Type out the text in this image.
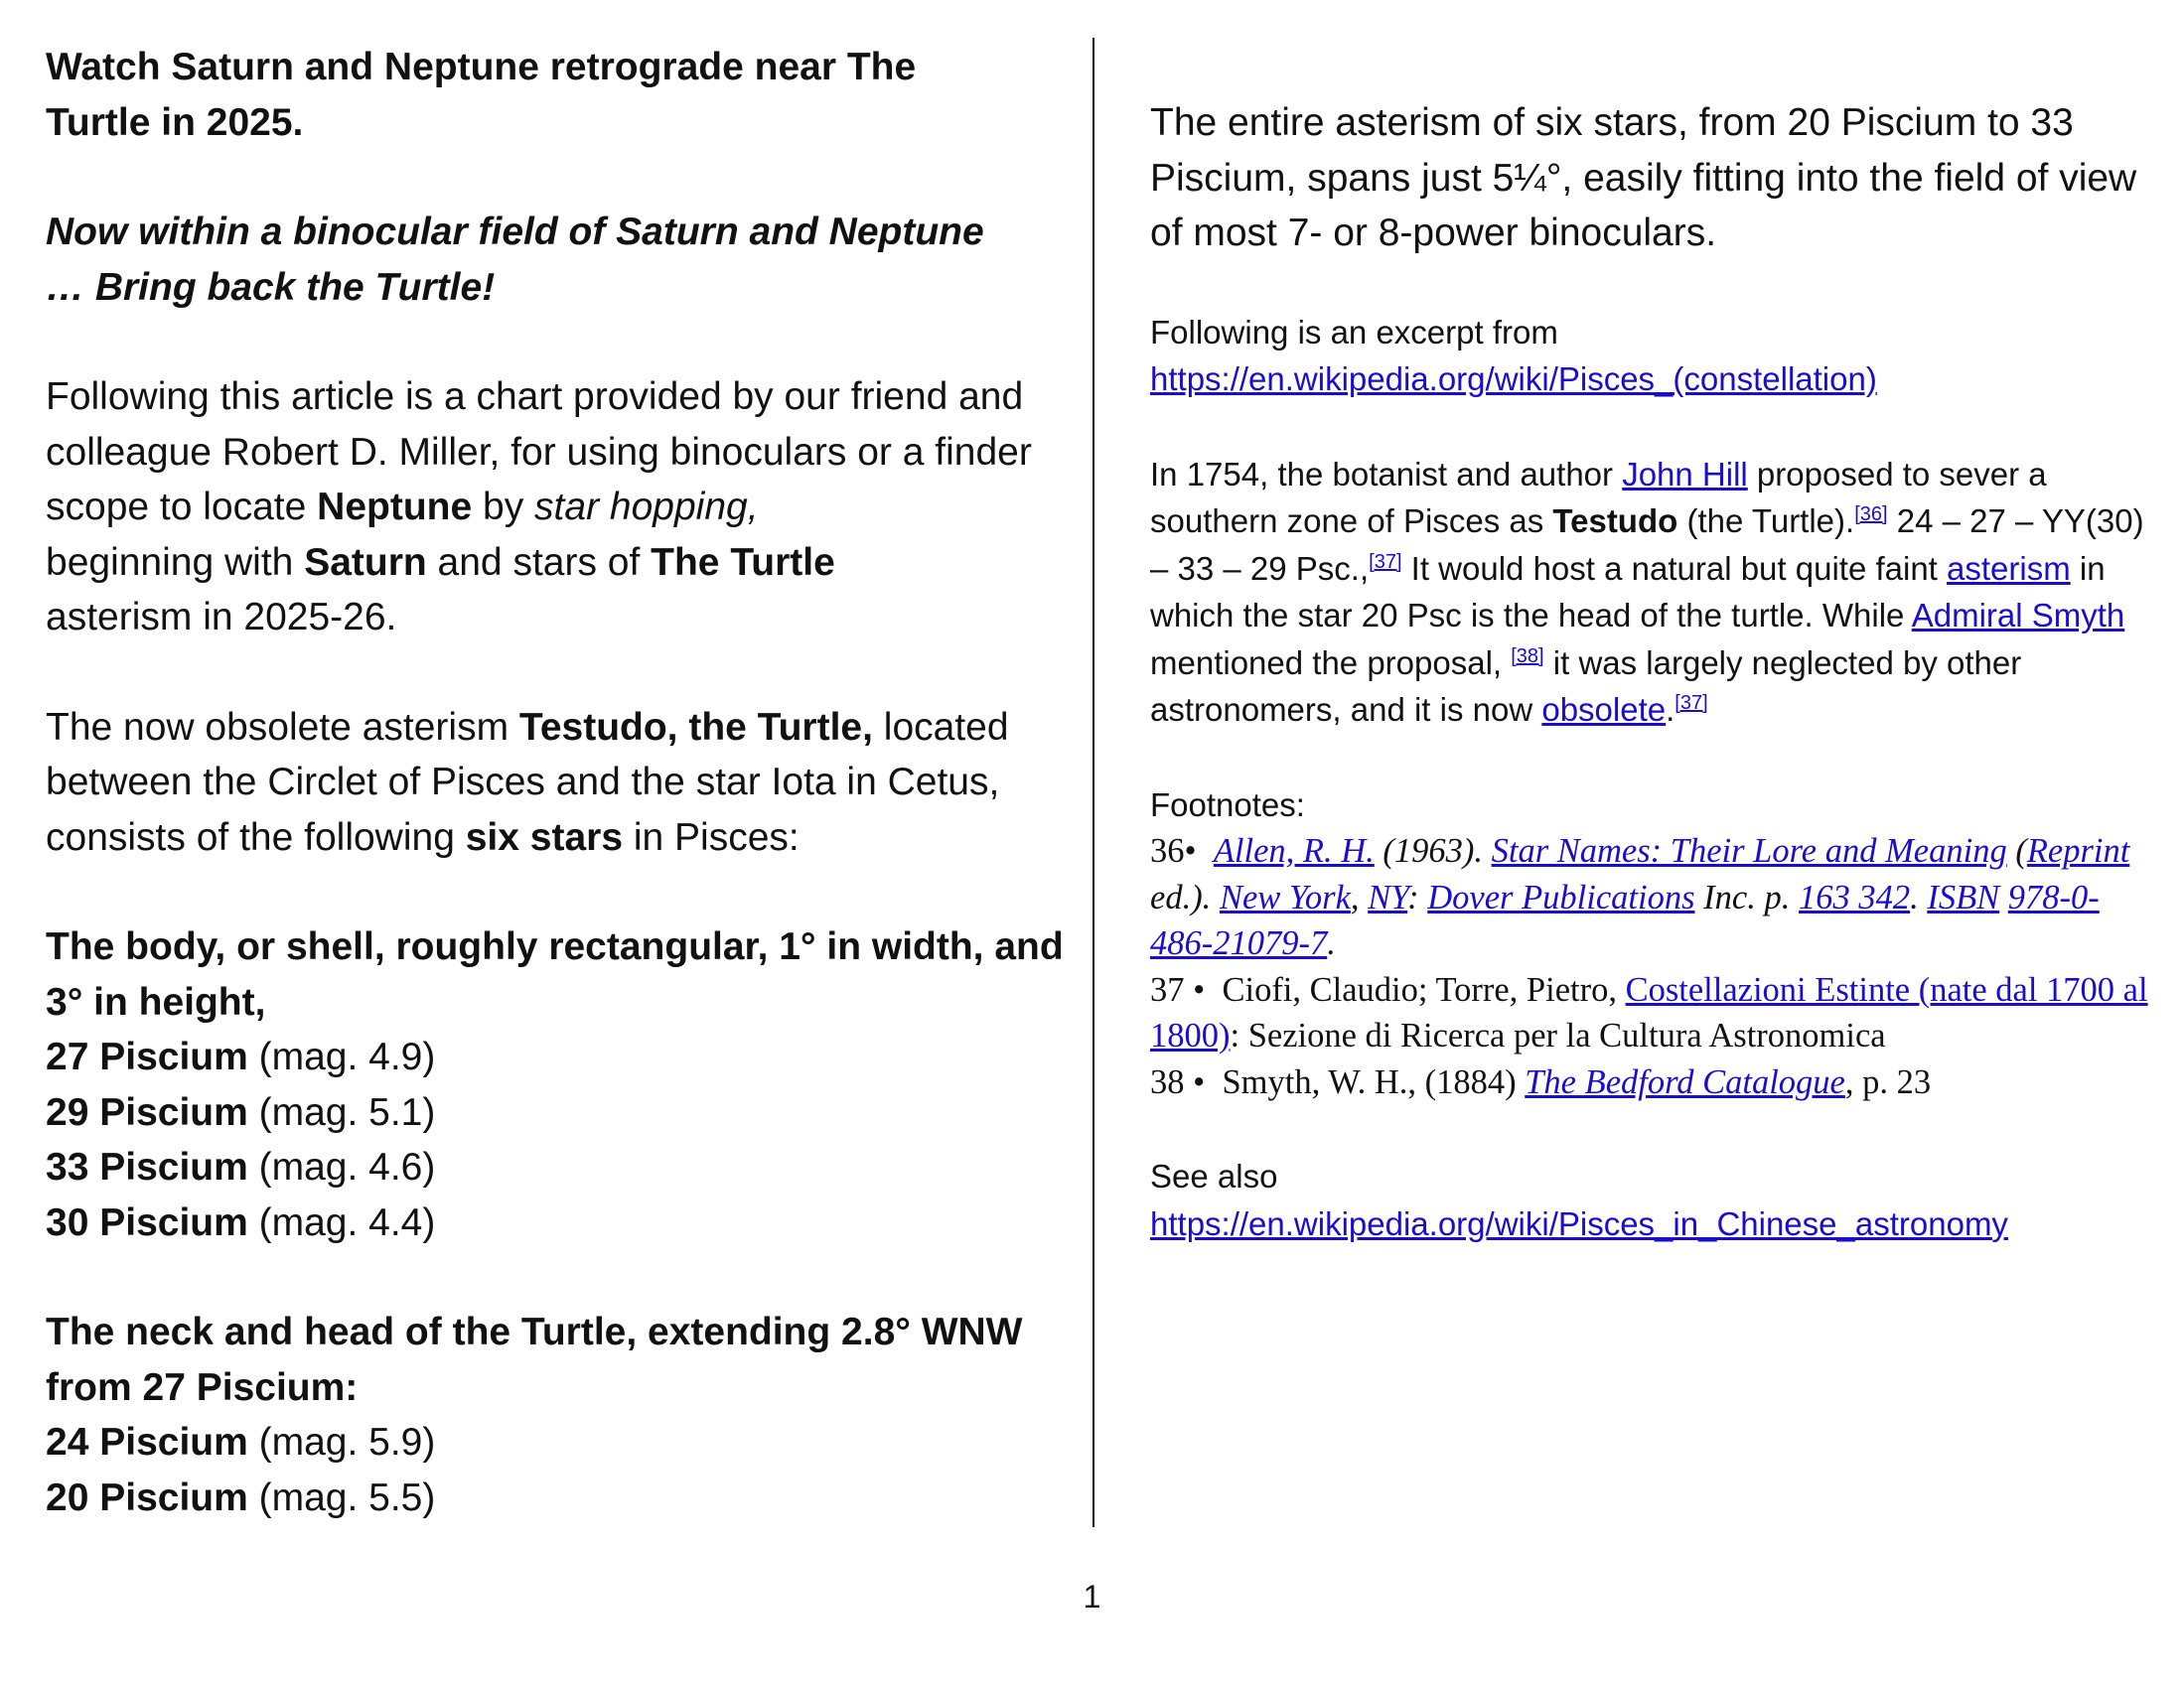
Watch Saturn and Neptune retrograde near The
Turtle in 2025.
Now within a binocular field of Saturn and Neptune
… Bring back the Turtle!
Following this article is a chart provided by our friend and colleague Robert D. Miller, for using binoculars or a finder scope to locate Neptune by star hopping,
beginning with Saturn and stars of The Turtle
asterism in 2025-26.
The now obsolete asterism Testudo, the Turtle, located between the Circlet of Pisces and the star Iota in Cetus, consists of the following six stars in Pisces:
The body, or shell, roughly rectangular, 1° in width, and 3° in height,
27 Piscium (mag. 4.9)
29 Piscium (mag. 5.1)
33 Piscium (mag. 4.6)
30 Piscium (mag. 4.4)
The neck and head of the Turtle, extending 2.8° WNW from 27 Piscium:
24 Piscium (mag. 5.9)
20 Piscium (mag. 5.5)
The entire asterism of six stars, from 20 Piscium to 33 Piscium, spans just 5¼°, easily fitting into the field of view of most 7- or 8-power binoculars.
Following is an excerpt from
https://en.wikipedia.org/wiki/Pisces_(constellation)
In 1754, the botanist and author John Hill proposed to sever a southern zone of Pisces as Testudo (the Turtle).[36] 24 – 27 – YY(30) – 33 – 29 Psc.,[37] It would host a natural but quite faint asterism in which the star 20 Psc is the head of the turtle. While Admiral Smyth mentioned the proposal, [38] it was largely neglected by other astronomers, and it is now obsolete.[37]
Footnotes:
36• Allen, R. H. (1963). Star Names: Their Lore and Meaning (Reprint ed.). New York, NY: Dover Publications Inc. p. 163 342. ISBN 978-0-486-21079-7.
37 • Ciofi, Claudio; Torre, Pietro, Costellazioni Estinte (nate dal 1700 al 1800): Sezione di Ricerca per la Cultura Astronomica
38 • Smyth, W. H., (1884) The Bedford Catalogue, p. 23
See also
https://en.wikipedia.org/wiki/Pisces_in_Chinese_astronomy
1
